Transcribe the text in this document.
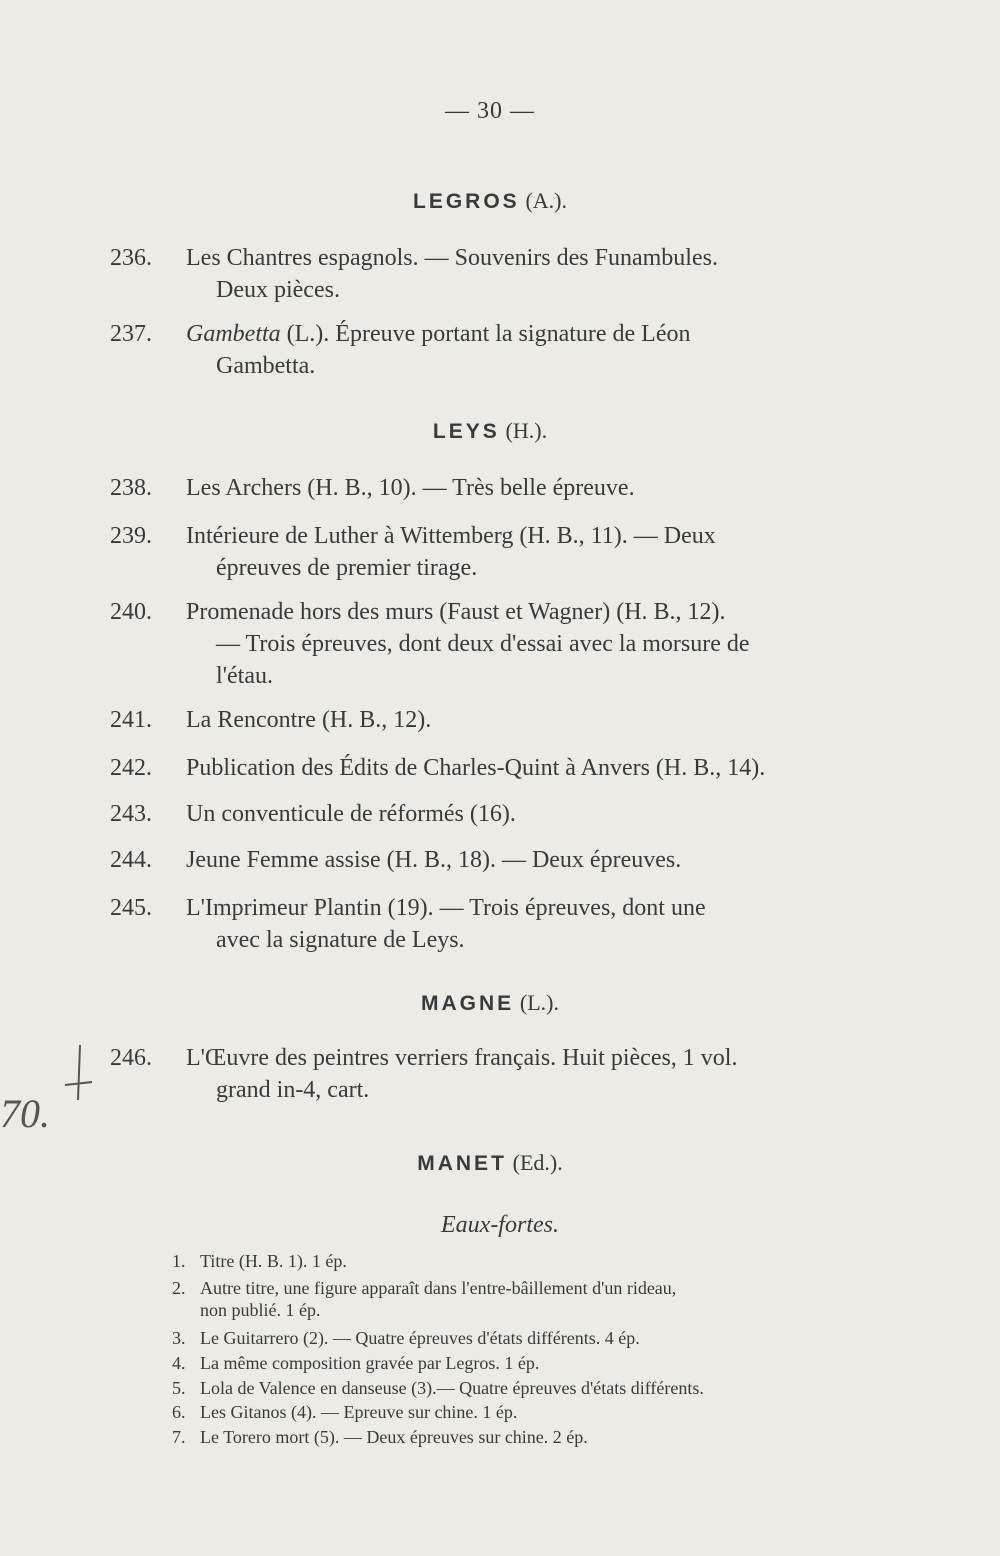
— 30 —
LEGROS (A.).
236.	Les Chantres espagnols. — Souvenirs des Funambules.
Deux pièces.
237.	Gambetta (L.). Épreuve portant la signature de Léon
Gambetta.
LEYS (H.).
238.	Les Archers (H. B., 10). — Très belle épreuve.
239.	Intérieure de Luther à Wittemberg (H. B., 11). — Deux
épreuves de premier tirage.
240.	Promenade hors des murs (Faust et Wagner) (H. B., 12).
— Trois épreuves, dont deux d'essai avec la morsure de
l'étau.
241.	La Rencontre (H. B., 12).
242.	Publication des Édits de Charles-Quint à Anvers (H. B., 14).
243.	Un conventicule de réformés (16).
244.	Jeune Femme assise (H. B., 18). — Deux épreuves.
245.	L'Imprimeur Plantin (19). — Trois épreuves, dont une
avec la signature de Leys.
MAGNE (L.).
246.	L'Œuvre des peintres verriers français. Huit pièces, 1 vol.
grand in-4, cart.
70.
MANET (Ed.).
Eaux-fortes.
1. Titre (H. B. 1). 1 ép.
2. Autre titre, une figure apparaît dans l'entre-bâillement d'un rideau,
non publié. 1 ép.
3. Le Guitarrero (2). — Quatre épreuves d'états différents. 4 ép.
4. La même composition gravée par Legros. 1 ép.
5. Lola de Valence en danseuse (3).— Quatre épreuves d'états différents.
6. Les Gitanos (4). — Epreuve sur chine. 1 ép.
7. Le Torero mort (5). — Deux épreuves sur chine. 2 ép.
